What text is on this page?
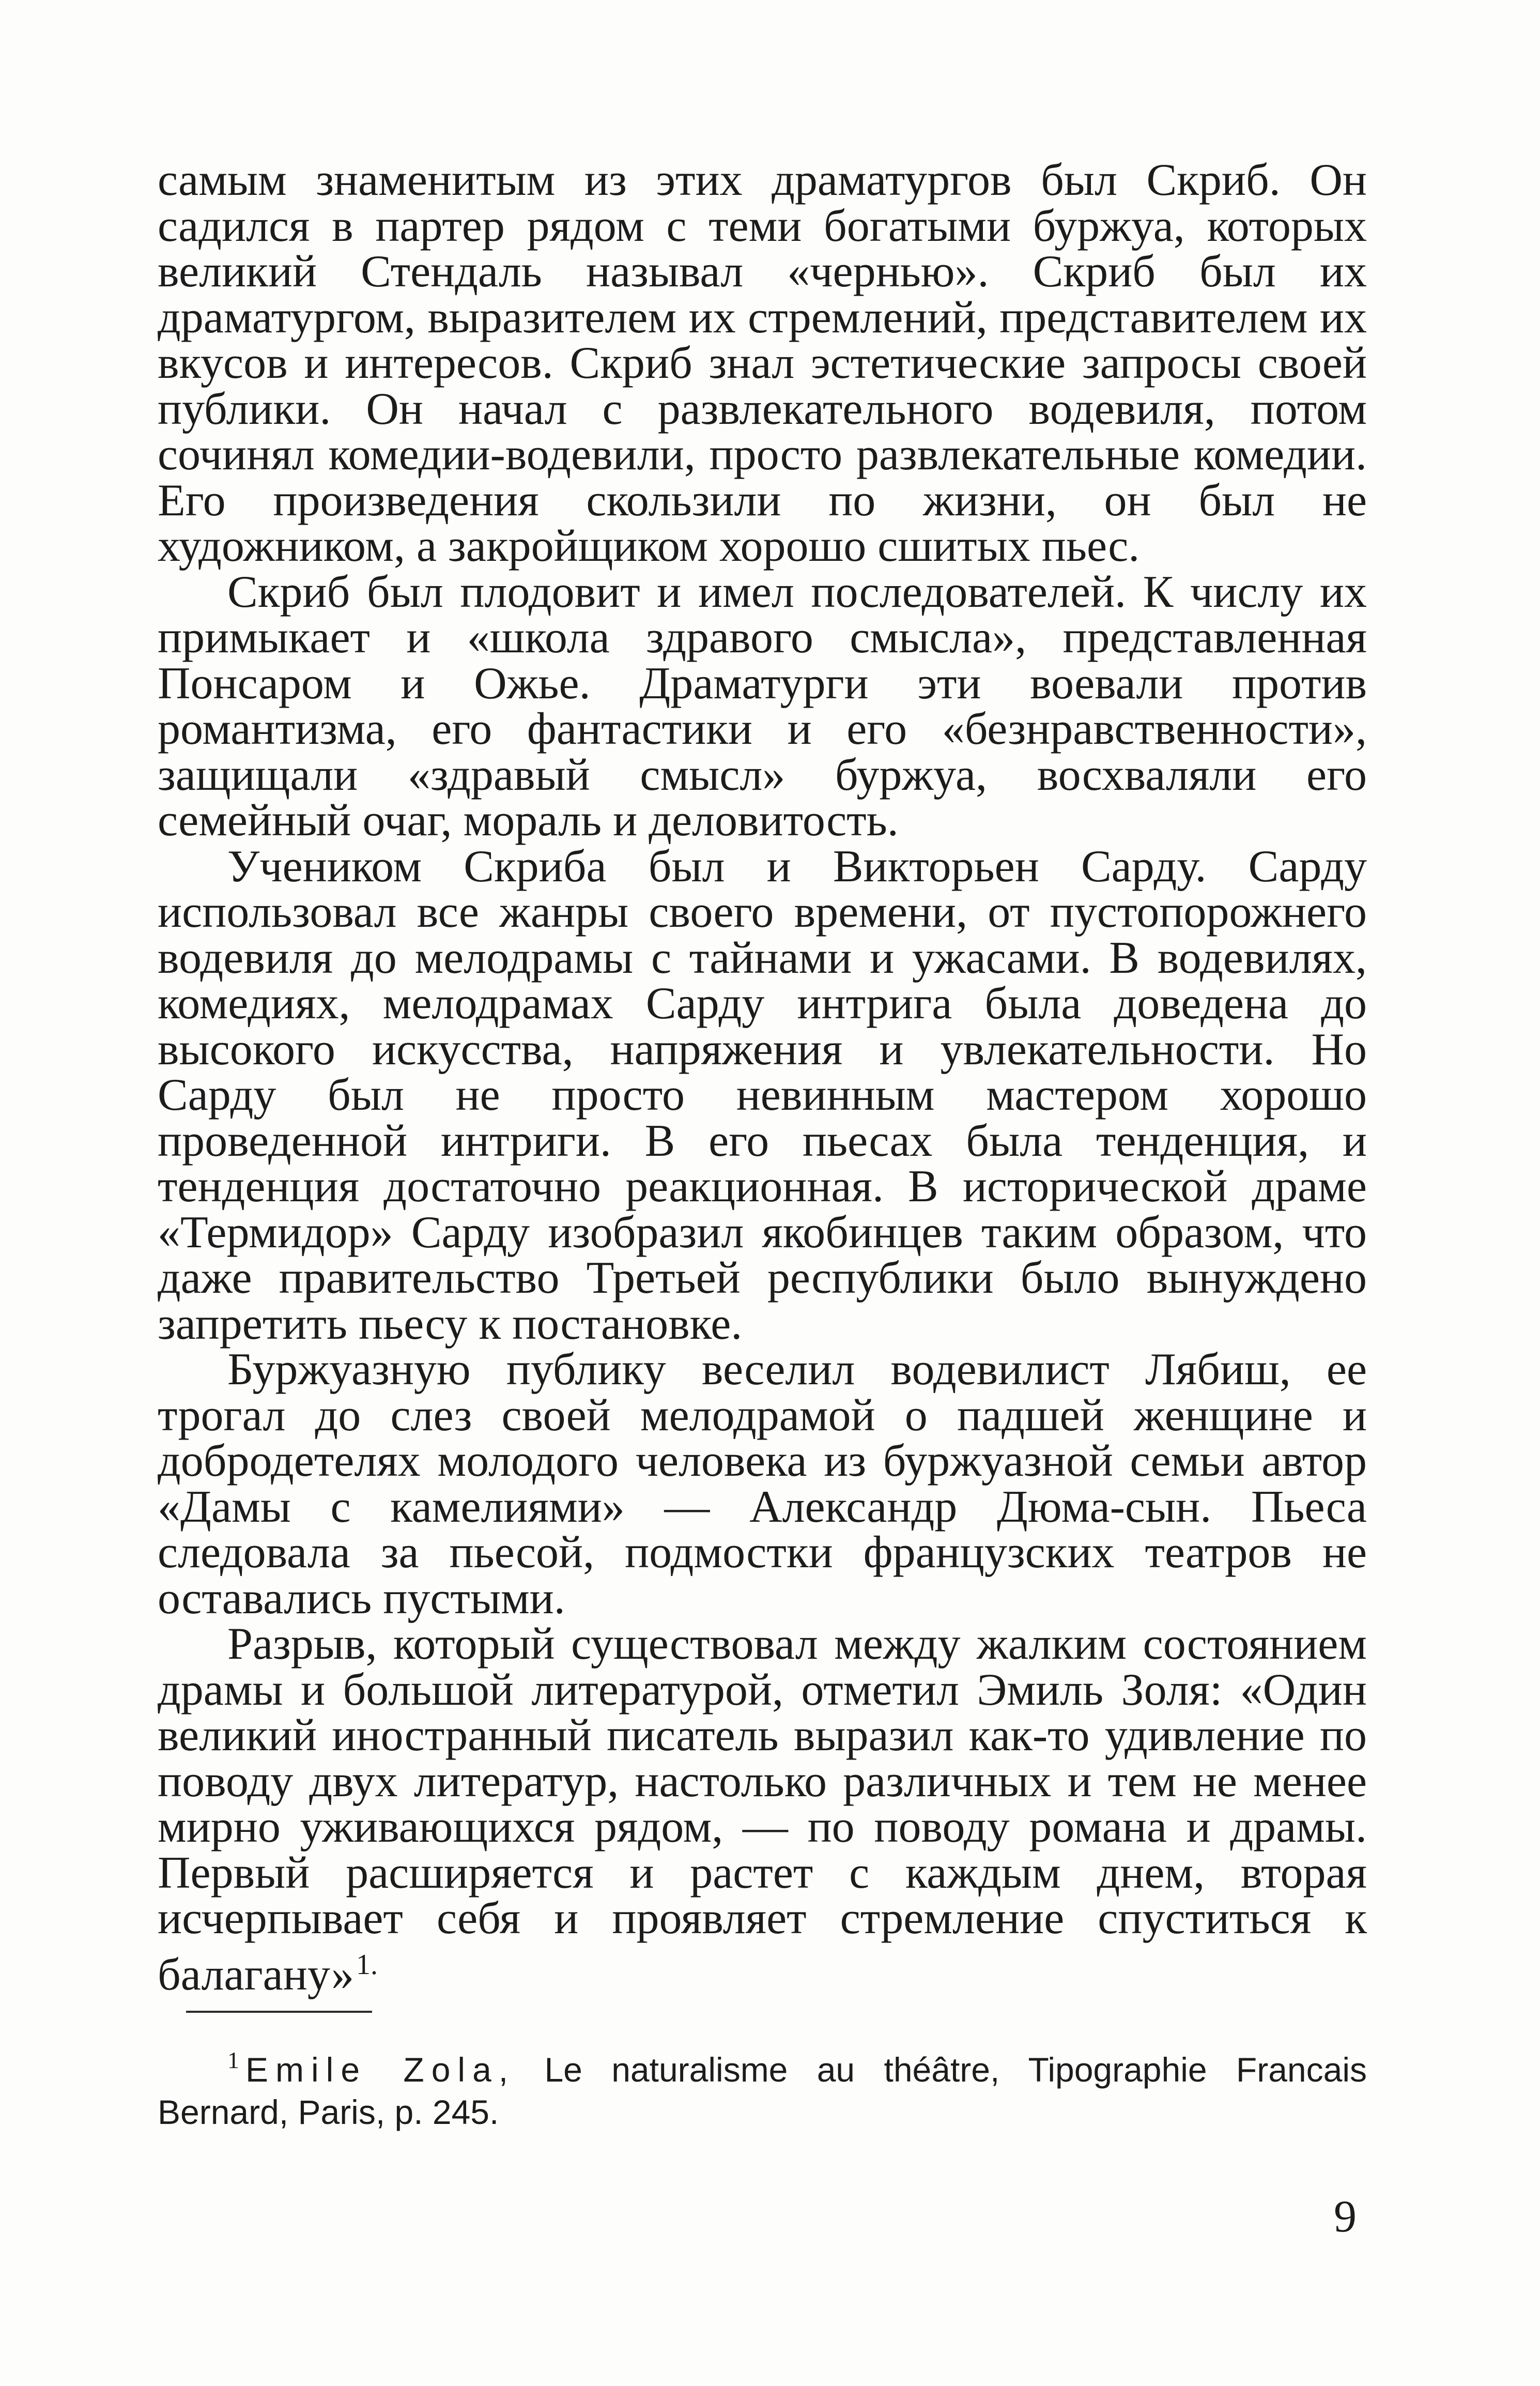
самым знаменитым из этих драматургов был Скриб. Он садился в партер рядом с теми богатыми буржуа, которых великий Стендаль называл «чернью». Скриб был их драматургом, выразителем их стремлений, представителем их вкусов и интересов. Скриб знал эстетические запросы своей публики. Он начал с развлекательного водевиля, потом сочинял комедии-водевили, просто развлекательные комедии. Его произведения скользили по жизни, он был не художником, а закройщиком хорошо сшитых пьес.

Скриб был плодовит и имел последователей. К числу их примыкает и «школа здравого смысла», представленная Понсаром и Ожье. Драматурги эти воевали против романтизма, его фантастики и его «безнравственности», защищали «здравый смысл» буржуа, восхваляли его семейный очаг, мораль и деловитость.

Учеником Скриба был и Викторьен Сарду. Сарду использовал все жанры своего времени, от пустопорожнего водевиля до мелодрамы с тайнами и ужасами. В водевилях, комедиях, мелодрамах Сарду интрига была доведена до высокого искусства, напряжения и увлекательности. Но Сарду был не просто невинным мастером хорошо проведенной интриги. В его пьесах была тенденция, и тенденция достаточно реакционная. В исторической драме «Термидор» Сарду изобразил якобинцев таким образом, что даже правительство Третьей республики было вынуждено запретить пьесу к постановке.

Буржуазную публику веселил водевилист Лябиш, ее трогал до слез своей мелодрамой о падшей женщине и добродетелях молодого человека из буржуазной семьи автор «Дамы с камелиями» — Александр Дюма-сын. Пьеса следовала за пьесой, подмостки французских театров не оставались пустыми.

Разрыв, который существовал между жалким состоянием драмы и большой литературой, отметил Эмиль Золя: «Один великий иностранный писатель выразил как-то удивление по поводу двух литератур, настолько различных и тем не менее мирно уживающихся рядом, — по поводу романа и драмы. Первый расширяется и растет с каждым днем, вторая исчерпывает себя и проявляет стремление спуститься к балагану»$^{1.}$

$^1$ Emile Zola, Le naturalisme au théâtre, Tipographie Francais Bernard, Paris, p. 245.
9
